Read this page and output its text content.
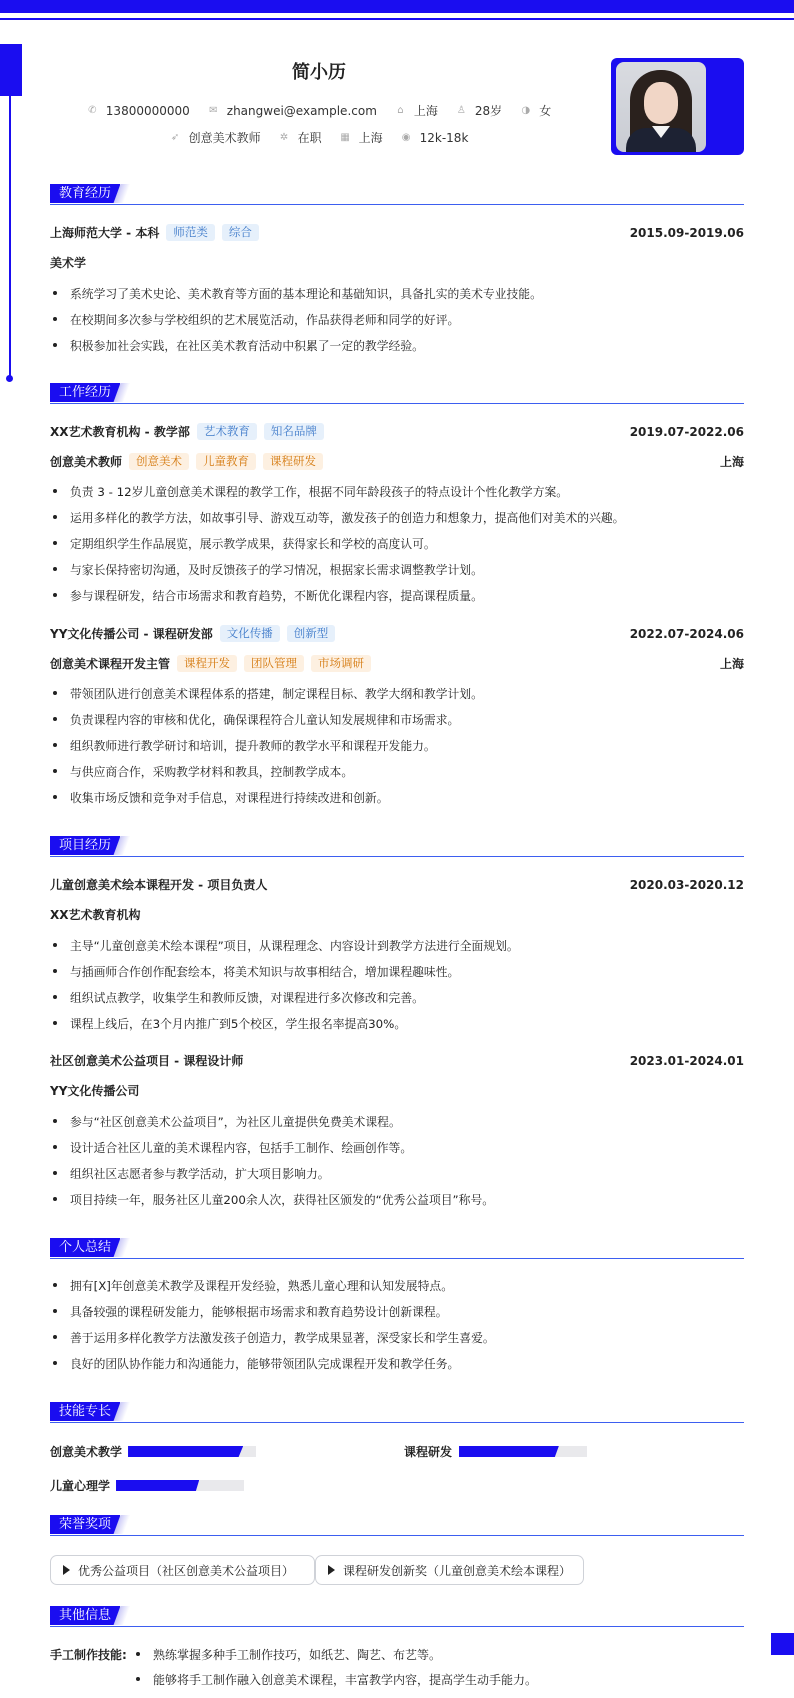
简小历
✆ 13800000000 ✉ zhangwei@example.com ⌂ 上海 ♙ 28岁 ◑ 女
➶ 创意美术教师 ✲ 在职 ▦ 上海 ◉ 12k-18k
教育经历
上海师范大学 - 本科	师范类	综合	2015.09-2019.06
美术学
系统学习了美术史论、美术教育等方面的基本理论和基础知识，具备扎实的美术专业技能。
在校期间多次参与学校组织的艺术展览活动，作品获得老师和同学的好评。
积极参加社会实践，在社区美术教育活动中积累了一定的教学经验。
工作经历
XX艺术教育机构 - 教学部	艺术教育	知名品牌	2019.07-2022.06
创意美术教师	创意美术	儿童教育	课程研发	上海
负责 3 - 12岁儿童创意美术课程的教学工作，根据不同年龄段孩子的特点设计个性化教学方案。
运用多样化的教学方法，如故事引导、游戏互动等，激发孩子的创造力和想象力，提高他们对美术的兴趣。
定期组织学生作品展览，展示教学成果，获得家长和学校的高度认可。
与家长保持密切沟通，及时反馈孩子的学习情况，根据家长需求调整教学计划。
参与课程研发，结合市场需求和教育趋势，不断优化课程内容，提高课程质量。
YY文化传播公司 - 课程研发部	文化传播	创新型	2022.07-2024.06
创意美术课程开发主管	课程开发	团队管理	市场调研	上海
带领团队进行创意美术课程体系的搭建，制定课程目标、教学大纲和教学计划。
负责课程内容的审核和优化，确保课程符合儿童认知发展规律和市场需求。
组织教师进行教学研讨和培训，提升教师的教学水平和课程开发能力。
与供应商合作，采购教学材料和教具，控制教学成本。
收集市场反馈和竞争对手信息，对课程进行持续改进和创新。
项目经历
儿童创意美术绘本课程开发 - 项目负责人	2020.03-2020.12
XX艺术教育机构
主导“儿童创意美术绘本课程”项目，从课程理念、内容设计到教学方法进行全面规划。
与插画师合作创作配套绘本，将美术知识与故事相结合，增加课程趣味性。
组织试点教学，收集学生和教师反馈，对课程进行多次修改和完善。
课程上线后，在3个月内推广到5个校区，学生报名率提高30%。
社区创意美术公益项目 - 课程设计师	2023.01-2024.01
YY文化传播公司
参与“社区创意美术公益项目”，为社区儿童提供免费美术课程。
设计适合社区儿童的美术课程内容，包括手工制作、绘画创作等。
组织社区志愿者参与教学活动，扩大项目影响力。
项目持续一年，服务社区儿童200余人次，获得社区颁发的“优秀公益项目”称号。
个人总结
拥有[X]年创意美术教学及课程开发经验，熟悉儿童心理和认知发展特点。
具备较强的课程研发能力，能够根据市场需求和教育趋势设计创新课程。
善于运用多样化教学方法激发孩子创造力，教学成果显著，深受家长和学生喜爱。
良好的团队协作能力和沟通能力，能够带领团队完成课程开发和教学任务。
技能专长
创意美术教学	课程研发
儿童心理学
荣誉奖项
优秀公益项目（社区创意美术公益项目）	课程研发创新奖（儿童创意美术绘本课程）
其他信息
手工制作技能: 熟练掌握多种手工制作技巧，如纸艺、陶艺、布艺等。
能够将手工制作融入创意美术课程，丰富教学内容，提高学生动手能力。
